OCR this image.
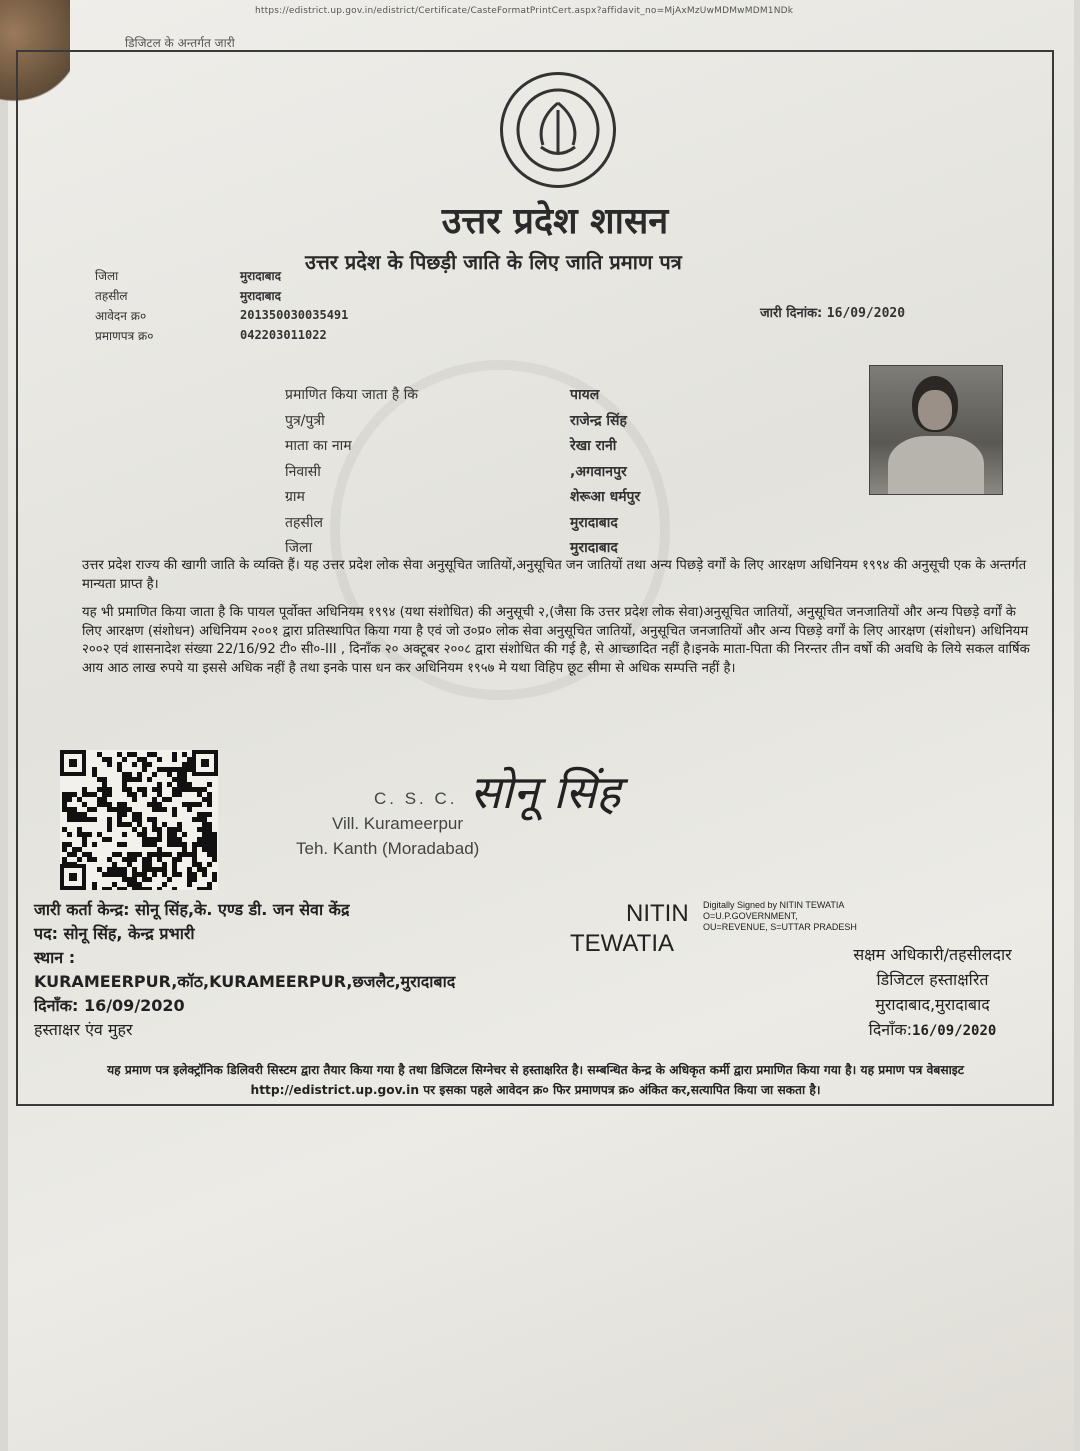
https://edistrict.up.gov.in/edistrict/Certificate/CasteFormatPrintCert.aspx?affidavit_no=MjAxMzUwMDMwMDM1NDk
डिजिटल के अन्तर्गत जारी
उत्तर प्रदेश शासन
उत्तर प्रदेश के पिछड़ी जाति के लिए जाति प्रमाण पत्र
जिला	मुरादाबाद
तहसील	मुरादाबाद
आवेदन क्र०	201350030035491
प्रमाणपत्र क्र०	042203011022
जारी दिनांक: 16/09/2020
प्रमाणित किया जाता है कि	पायल
पुत्र/पुत्री	राजेन्द्र सिंह
माता का नाम	रेखा रानी
निवासी	,अगवानपुर
ग्राम	शेरूआ धर्मपुर
तहसील	मुरादाबाद
जिला	मुरादाबाद
उत्तर प्रदेश राज्य की खागी जाति के व्यक्ति हैं। यह उत्तर प्रदेश लोक सेवा अनुसूचित जातियों,अनुसूचित जन जातियों तथा अन्य पिछड़े वर्गों के लिए आरक्षण अधिनियम १९९४ की अनुसूची एक के अन्तर्गत मान्यता प्राप्त है।
यह भी प्रमाणित किया जाता है कि पायल पूर्वोक्त अधिनियम १९९४ (यथा संशोधित) की अनुसूची २,(जैसा कि उत्तर प्रदेश लोक सेवा)अनुसूचित जातियों, अनुसूचित जनजातियों और अन्य पिछड़े वर्गों के लिए आरक्षण (संशोधन) अधिनियम २००१ द्वारा प्रतिस्थापित किया गया है एवं जो उ०प्र० लोक सेवा अनुसूचित जातियों, अनुसूचित जनजातियों और अन्य पिछड़े वर्गों के लिए आरक्षण (संशोधन) अधिनियम २००२ एवं शासनादेश संख्या 22/16/92 टी० सी०-III , दिनाँक २० अक्टूबर २००८ द्वारा संशोधित की गई है, से आच्छादित नहीं है।इनके माता-पिता की निरन्तर तीन वर्षो की अवधि के लिये सकल वार्षिक आय आठ लाख रुपये या इससे अधिक नहीं है तथा इनके पास धन कर अधिनियम १९५७ मे यथा विहिप छूट सीमा से अधिक सम्पत्ति नहीं है।
C. S. C.
Vill. Kurameerpur
Teh. Kanth (Moradabad)
सोनू सिंह
जारी कर्ता केन्द्र: सोनू सिंह,के. एण्ड डी. जन सेवा केंद्र
पद: सोनू सिंह, केन्द्र प्रभारी
स्थान :
KURAMEERPUR,कॉठ,KURAMEERPUR,छजलैट,मुरादाबाद
दिनाँक: 16/09/2020
हस्ताक्षर एंव मुहर
NITIN
TEWATIA
Digitally Signed by NITIN TEWATIA O=U.P.GOVERNMENT, OU=REVENUE, S=UTTAR PRADESH
सक्षम अधिकारी/तहसीलदार
डिजिटल हस्ताक्षरित
मुरादाबाद,मुरादाबाद
दिनाँक:16/09/2020
यह प्रमाण पत्र इलेक्ट्रॉनिक डिलिवरी सिस्टम द्वारा तैयार किया गया है तथा डिजिटल सिग्नेचर से हस्ताक्षरित है। सम्बन्धित केन्द्र के अधिकृत कर्मी द्वारा प्रमाणित किया गया है। यह प्रमाण पत्र वेबसाइट http://edistrict.up.gov.in पर इसका पहले आवेदन क्र० फिर प्रमाणपत्र क्र० अंकित कर,सत्यापित किया जा सकता है।
